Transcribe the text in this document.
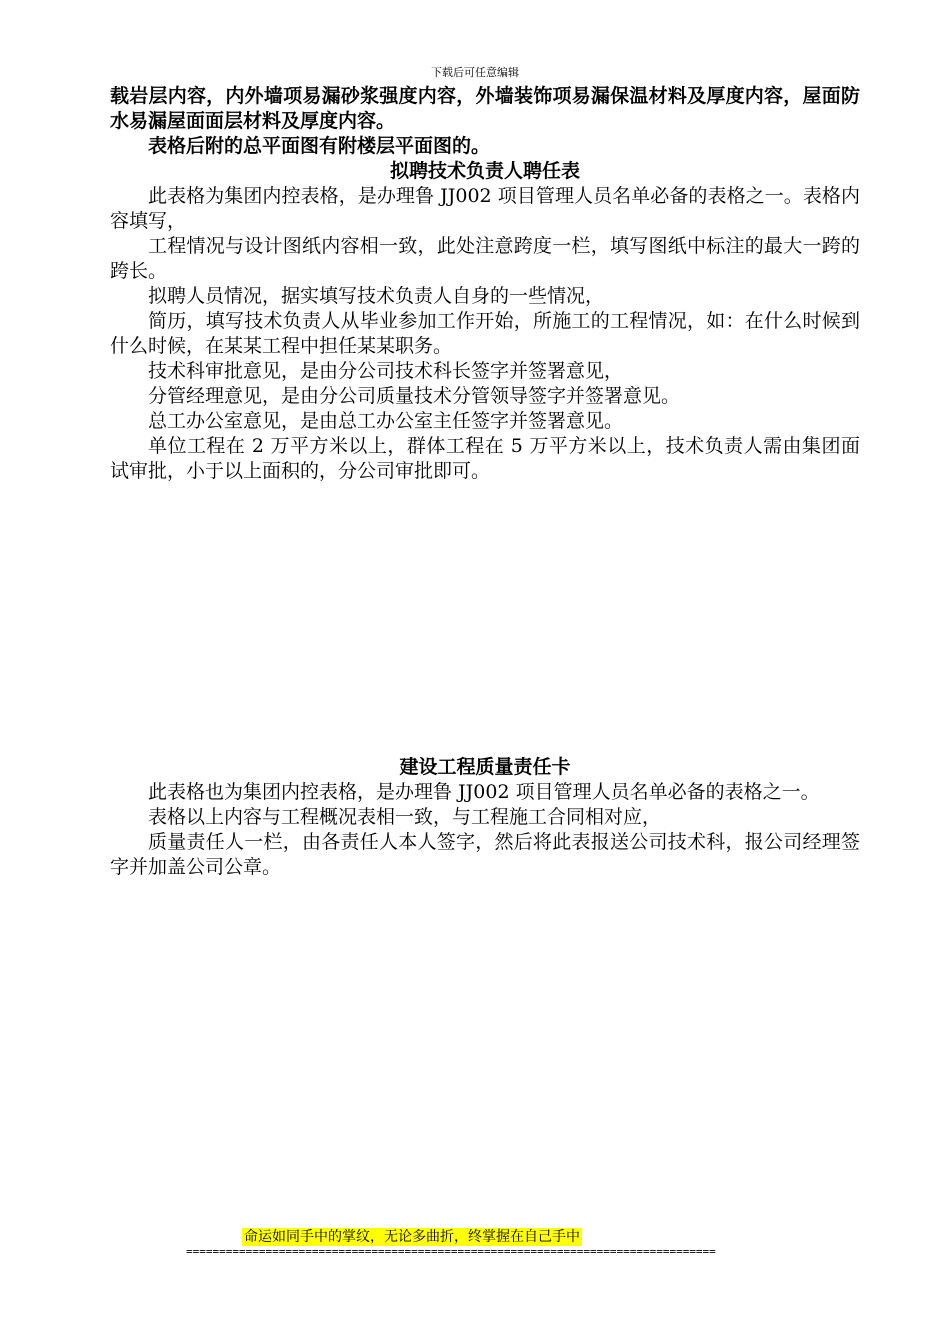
下载后可任意编辑

载岩层内容，内外墙项易漏砂浆强度内容，外墙装饰项易漏保温材料及厚度内容，屋面防水易漏屋面面层材料及厚度内容。

表格后附的总平面图有附楼层平面图的。

拟聘技术负责人聘任表

此表格为集团内控表格，是办理鲁 JJ002 项目管理人员名单必备的表格之一。表格内容填写，

工程情况与设计图纸内容相一致，此处注意跨度一栏，填写图纸中标注的最大一跨的跨长。

拟聘人员情况，据实填写技术负责人自身的一些情况，

简历，填写技术负责人从毕业参加工作开始，所施工的工程情况，如：在什么时候到什么时候，在某某工程中担任某某职务。

技术科审批意见，是由分公司技术科长签字并签署意见，

分管经理意见，是由分公司质量技术分管领导签字并签署意见。

总工办公室意见，是由总工办公室主任签字并签署意见。

单位工程在 2 万平方米以上，群体工程在 5 万平方米以上，技术负责人需由集团面试审批，小于以上面积的，分公司审批即可。

建设工程质量责任卡

此表格也为集团内控表格，是办理鲁 JJ002 项目管理人员名单必备的表格之一。

表格以上内容与工程概况表相一致，与工程施工合同相对应，

质量责任人一栏，由各责任人本人签字，然后将此表报送公司技术科，报公司经理签字并加盖公司公章。

命运如同手中的掌纹，无论多曲折，终掌握在自己手中
================================================================================
